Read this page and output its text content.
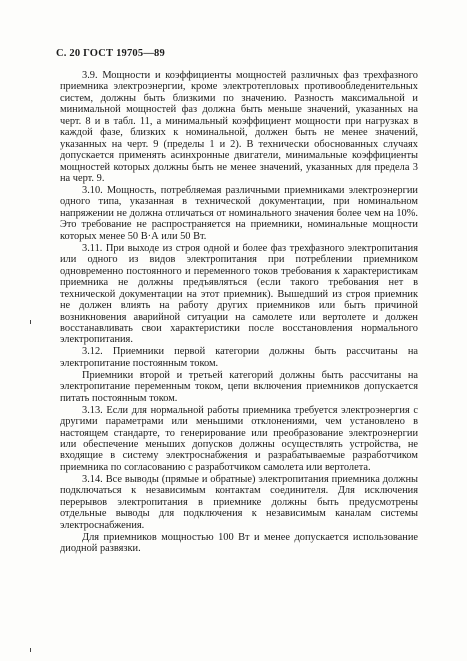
С. 20 ГОСТ 19705—89

3.9. Мощности и коэффициенты мощностей различных фаз трехфазного приемника электроэнергии, кроме электротепловых противообледенительных систем, должны быть близкими по значению. Разность максимальной и минимальной мощностей фаз должна быть меньше значений, указанных на черт. 8 и в табл. 11, а минимальный коэффициент мощности при нагрузках в каждой фазе, близких к номинальной, должен быть не менее значений, указанных на черт. 9 (пределы 1 и 2). В технически обоснованных случаях допускается применять асинхронные двигатели, минимальные коэффициенты мощностей которых должны быть не менее значений, указанных для предела 3 на черт. 9.

3.10. Мощность, потребляемая различными приемниками электроэнергии одного типа, указанная в технической документации, при номинальном напряжении не должна отличаться от номинального значения более чем на 10%. Это требование не распространяется на приемники, номинальные мощности которых менее 50 В·А или 50 Вт.

3.11. При выходе из строя одной и более фаз трехфазного электропитания или одного из видов электропитания при потреблении приемником одновременно постоянного и переменного токов требования к характеристикам приемника не должны предъявляться (если такого требования нет в технической документации на этот приемник). Вышедший из строя приемник не должен влиять на работу других приемников или быть причиной возникновения аварийной ситуации на самолете или вертолете и должен восстанавливать свои характеристики после восстановления нормального электропитания.

3.12. Приемники первой категории должны быть рассчитаны на электропитание постоянным током.

Приемники второй и третьей категорий должны быть рассчитаны на электропитание переменным током, цепи включения приемников допускается питать постоянным током.

3.13. Если для нормальной работы приемника требуется электроэнергия с другими параметрами или меньшими отклонениями, чем установлено в настоящем стандарте, то генерирование или преобразование электроэнергии или обеспечение меньших допусков должны осуществлять устройства, не входящие в систему электроснабжения и разрабатываемые разработчиком приемника по согласованию с разработчиком самолета или вертолета.

3.14. Все выводы (прямые и обратные) электропитания приемника должны подключаться к независимым контактам соединителя. Для исключения перерывов электропитания в приемнике должны быть предусмотрены отдельные выводы для подключения к независимым каналам системы электроснабжения.

Для приемников мощностью 100 Вт и менее допускается использование диодной развязки.
